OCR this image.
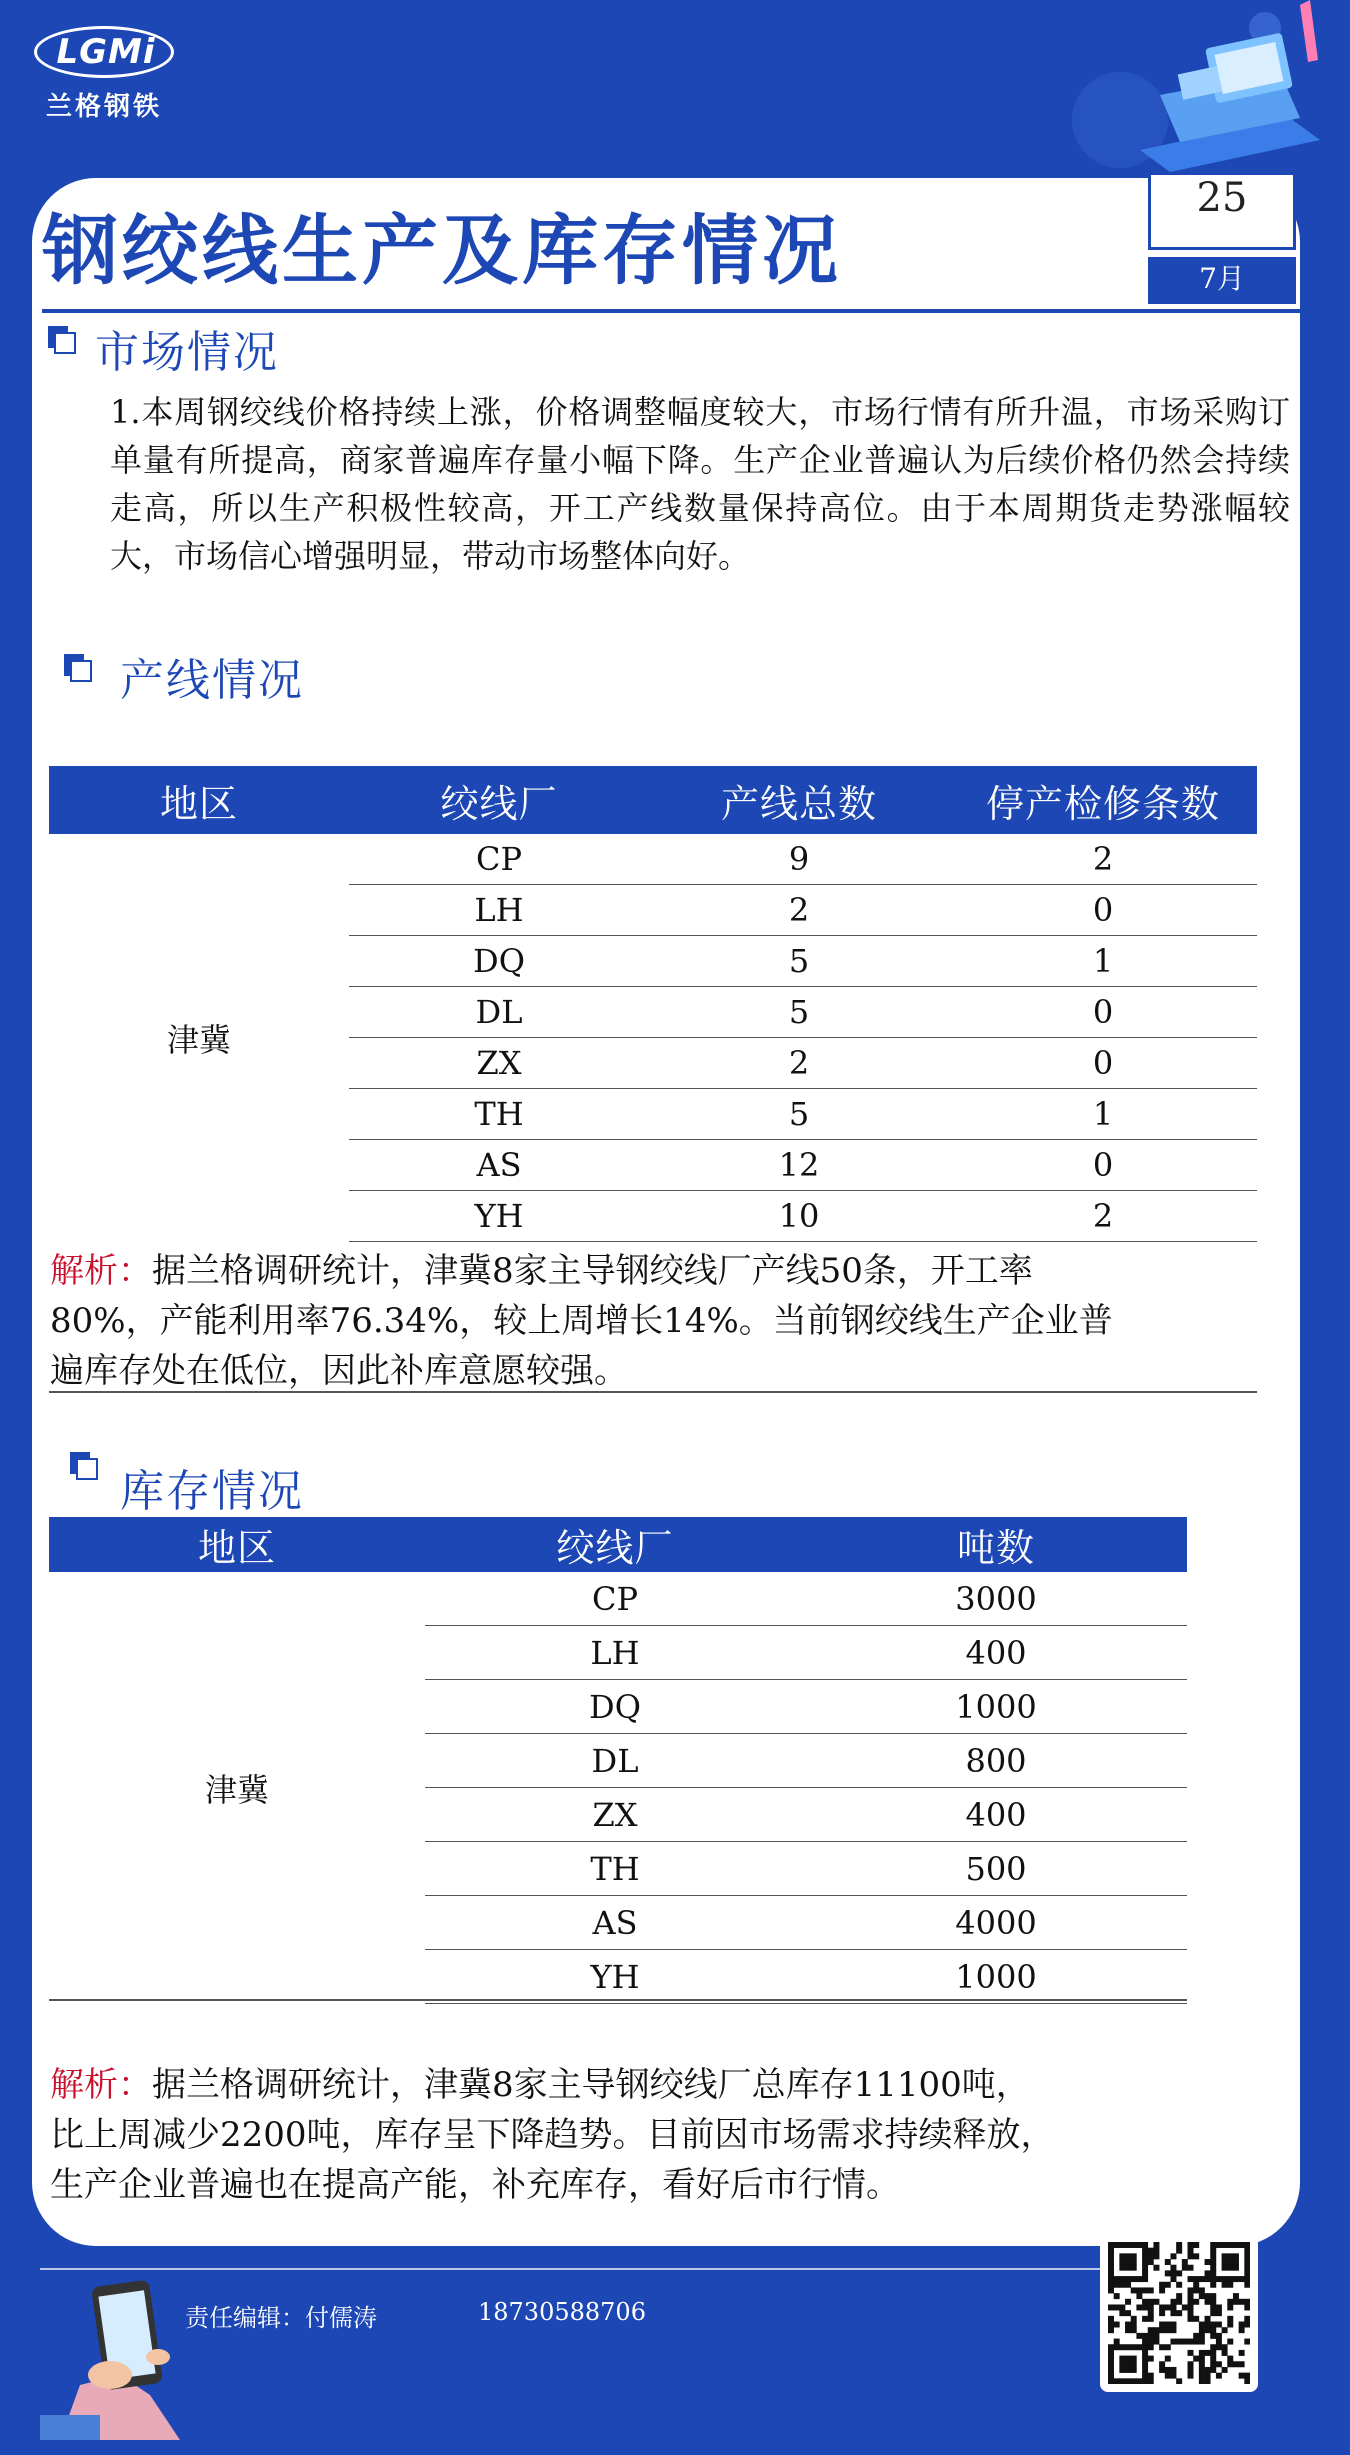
LGMi
兰格钢铁
钢绞线生产及库存情况
25
7月
市场情况

1.本周钢绞线价格持续上涨，价格调整幅度较大，市场行情有所升温，市场采购订单量有所提高，商家普遍库存量小幅下降。生产企业普遍认为后续价格仍然会持续走高，所以生产积极性较高，开工产线数量保持高位。由于本周期货走势涨幅较大，市场信心增强明显，带动市场整体向好。

产线情况
地区	绞线厂	产线总数	停产检修条数
津冀	CP	9	2
	LH	2	0
	DQ	5	1
	DL	5	0
	ZX	2	0
	TH	5	1
	AS	12	0
	YH	10	2
解析：据兰格调研统计，津冀8家主导钢绞线厂产线50条，开工率
80%，产能利用率76.34%，较上周增长14%。当前钢绞线生产企业普
遍库存处在低位，因此补库意愿较强。
库存情况
地区	绞线厂	吨数
津冀	CP	3000
	LH	400
	DQ	1000
	DL	800
	ZX	400
	TH	500
	AS	4000
	YH	1000
解析：据兰格调研统计，津冀8家主导钢绞线厂总库存11100吨，
比上周减少2200吨，库存呈下降趋势。目前因市场需求持续释放，
生产企业普遍也在提高产能，补充库存，看好后市行情。
责任编辑：付儒涛	18730588706
